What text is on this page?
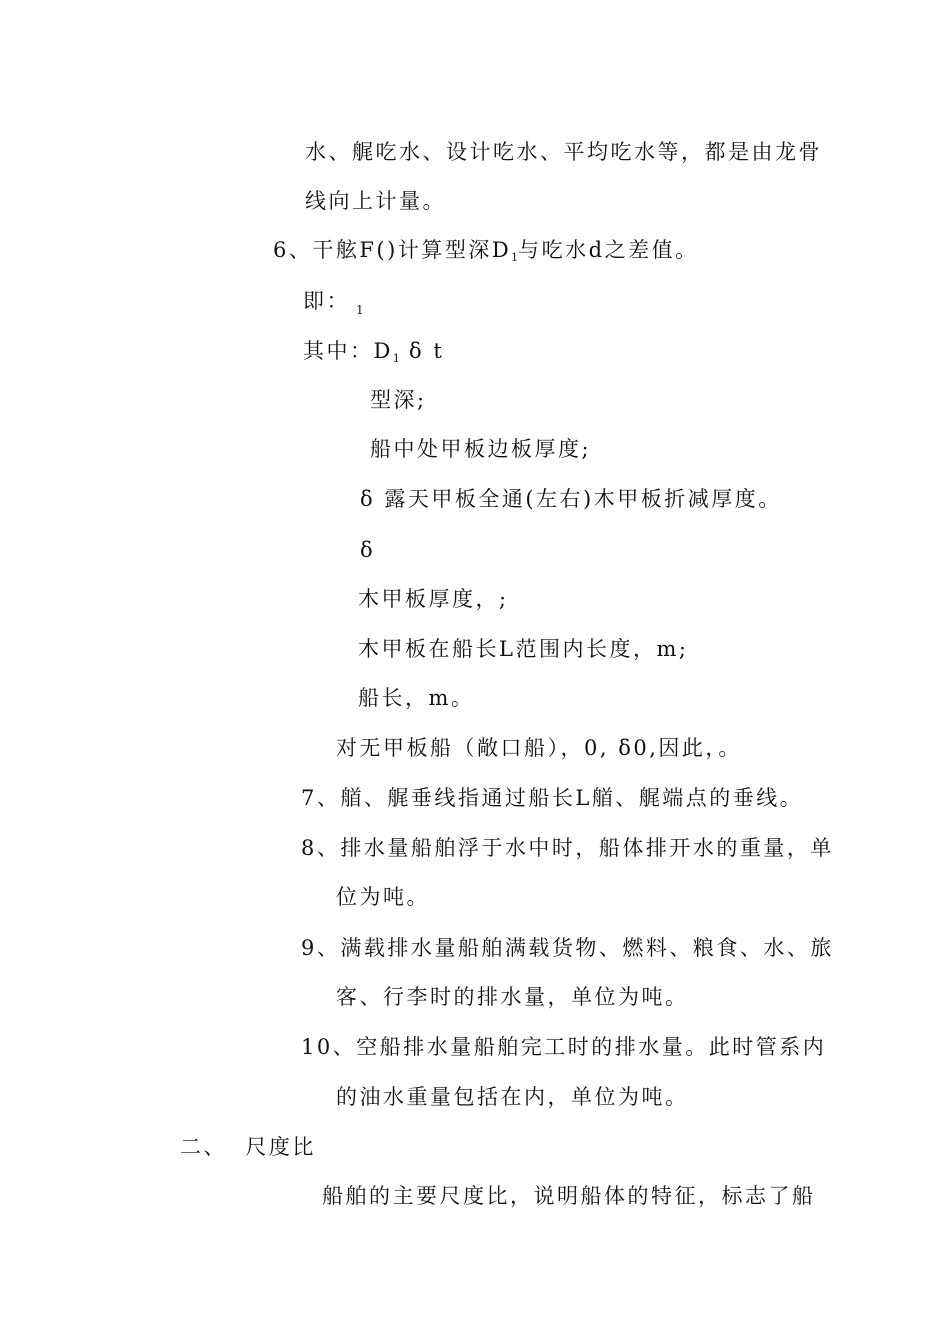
水、艉吃水、设计吃水、平均吃水等，都是由龙骨
线向上计量。
6、干舷F()计算型深$D_1$与吃水d之差值。
即： $_1$
其中：$D_1$ δ t
型深;
船中处甲板边板厚度;
δ 露天甲板全通(左右)木甲板折减厚度。
δ
木甲板厚度，;
木甲板在船长L范围内长度，m;
船长，m。
对无甲板船（敞口船），0, δ0,因此，。
7、艏、艉垂线指通过船长L艏、艉端点的垂线。
8、排水量船舶浮于水中时，船体排开水的重量，单
位为吨。
9、满载排水量船舶满载货物、燃料、粮食、水、旅
客、行李时的排水量，单位为吨。
10、空船排水量船舶完工时的排水量。此时管系内
的油水重量包括在内，单位为吨。
二、  尺度比
船舶的主要尺度比，说明船体的特征，标志了船
